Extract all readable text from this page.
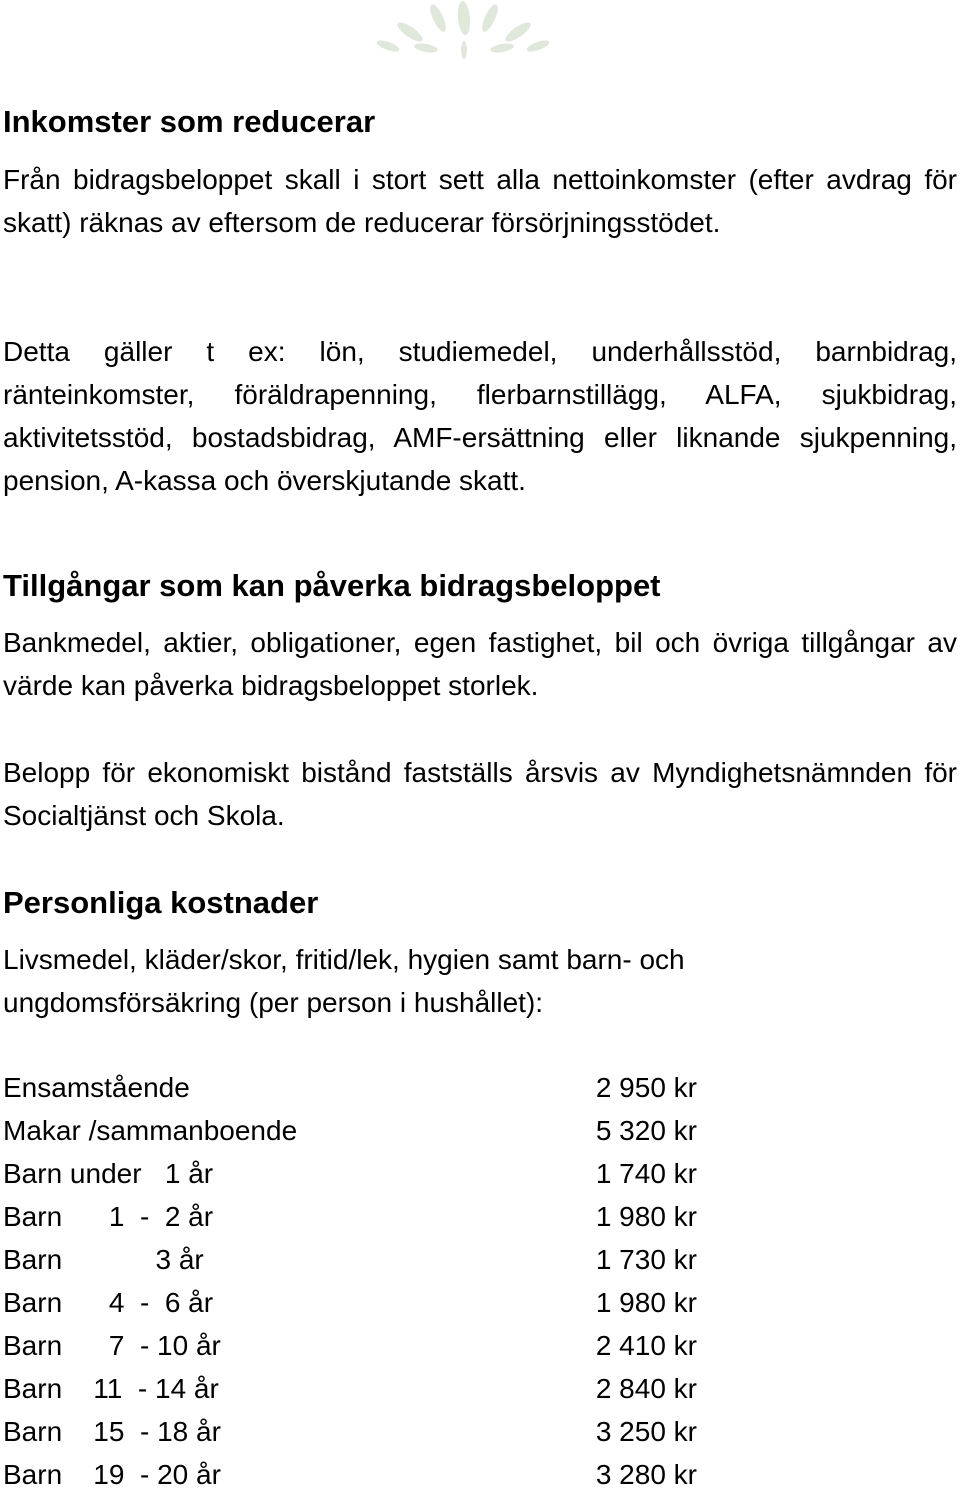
Inkomster som reducerar

Från bidragsbeloppet skall i stort sett alla nettoinkomster (efter avdrag för skatt) räknas av eftersom de reducerar försörjningsstödet.

Detta gäller t ex: lön, studiemedel, underhållsstöd, barnbidrag, ränteinkomster, föräldrapenning, flerbarnstillägg, ALFA, sjukbidrag, aktivitetsstöd, bostadsbidrag, AMF-ersättning eller liknande sjukpenning, pension, A-kassa och överskjutande skatt.

Tillgångar som kan påverka bidragsbeloppet

Bankmedel, aktier, obligationer, egen fastighet, bil och övriga tillgångar av värde kan påverka bidragsbeloppet storlek.

Belopp för ekonomiskt bistånd fastställs årsvis av Myndighetsnämnden för Socialtjänst och Skola.

Personliga kostnader

Livsmedel, kläder/skor, fritid/lek, hygien samt barn- och

ungdomsförsäkring (per person i hushållet):

Ensamstående	2 950 kr
Makar /sammanboende	5 320 kr
Barn under   1 år	1 740 kr
Barn      1  -  2 år	1 980 kr
Barn            3 år	1 730 kr
Barn      4  -  6 år	1 980 kr
Barn      7  - 10 år	2 410 kr
Barn    11  - 14 år	2 840 kr
Barn    15  - 18 år	3 250 kr
Barn    19  - 20 år	3 280 kr
